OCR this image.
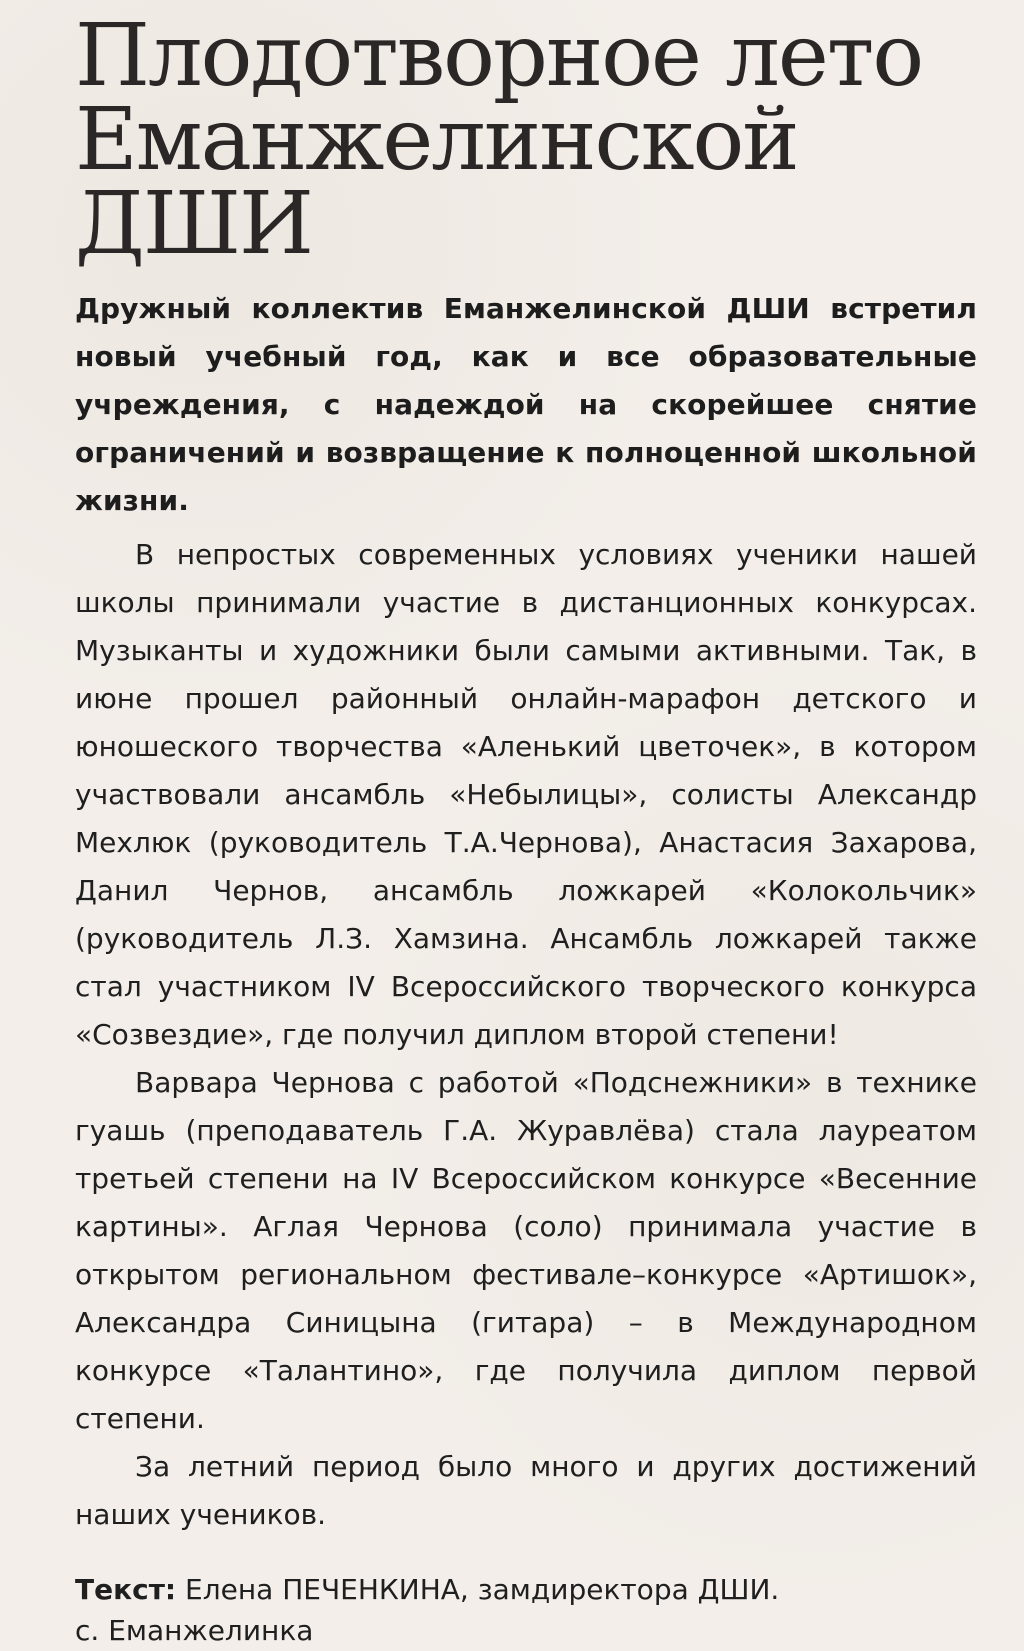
Плодотворное лето
Еманжелинской
ДШИ

Дружный коллектив Еманжелинской ДШИ встретил новый учебный год, как и все образовательные учреждения, с надеждой на скорейшее снятие ограничений и возвращение к полноценной школьной жизни.

В непростых современных условиях ученики нашей школы принимали участие в дистанционных конкурсах. Музыканты и художники были самыми активными. Так, в июне прошел районный онлайн-марафон детского и юношеского творчества «Аленький цветочек», в котором участвовали ансамбль «Небылицы», солисты Александр Мехлюк (руководитель Т.А.Чернова), Анастасия Захарова, Данил Чернов, ансамбль ложкарей «Колокольчик» (руководитель Л.З. Хамзина. Ансамбль ложкарей также стал участником IV Всероссийского творческого конкурса «Созвездие», где получил диплом второй степени!

Варвара Чернова с работой «Подснежники» в технике гуашь (преподаватель Г.А. Журавлёва) стала лауреатом третьей степени на IV Всероссийском конкурсе «Весенние картины». Аглая Чернова (соло) принимала участие в открытом региональном фестивале–конкурсе «Артишок», Александра Синицына (гитара) – в Международном конкурсе «Талантино», где получила диплом первой степени.

За летний период было много и других достижений наших учеников.

Текст: Елена ПЕЧЕНКИНА, замдиректора ДШИ.
с. Еманжелинка
